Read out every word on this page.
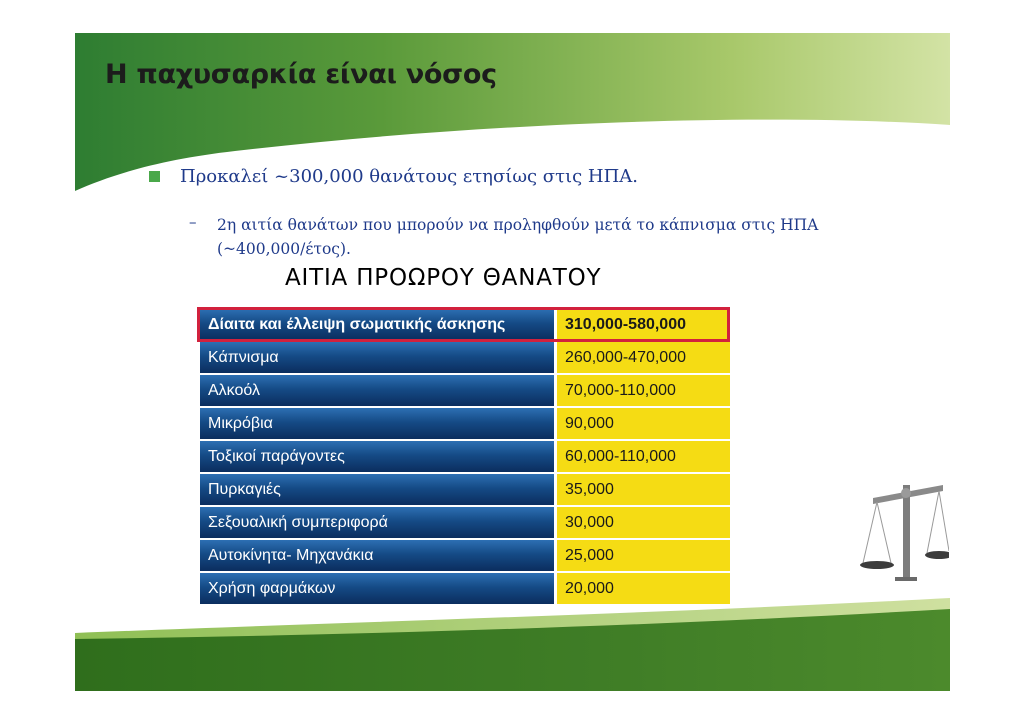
Η παχυσαρκία είναι νόσος
Προκαλεί ~300,000 θανάτους ετησίως στις ΗΠΑ.
– 2η αιτία θανάτων που μπορούν να προληφθούν μετά το κάπνισμα στις ΗΠΑ
(~400,000/έτος).
ΑΙΤΙΑ ΠΡΟΩΡΟΥ ΘΑΝΑΤΟΥ
Δίαιτα και έλλειψη σωματικής άσκησης	310,000-580,000
Κάπνισμα	260,000-470,000
Αλκοόλ	70,000-110,000
Μικρόβια	90,000
Τοξικοί παράγοντες	60,000-110,000
Πυρκαγιές	35,000
Σεξουαλική συμπεριφορά	30,000
Αυτοκίνητα- Μηχανάκια	25,000
Χρήση φαρμάκων	20,000
